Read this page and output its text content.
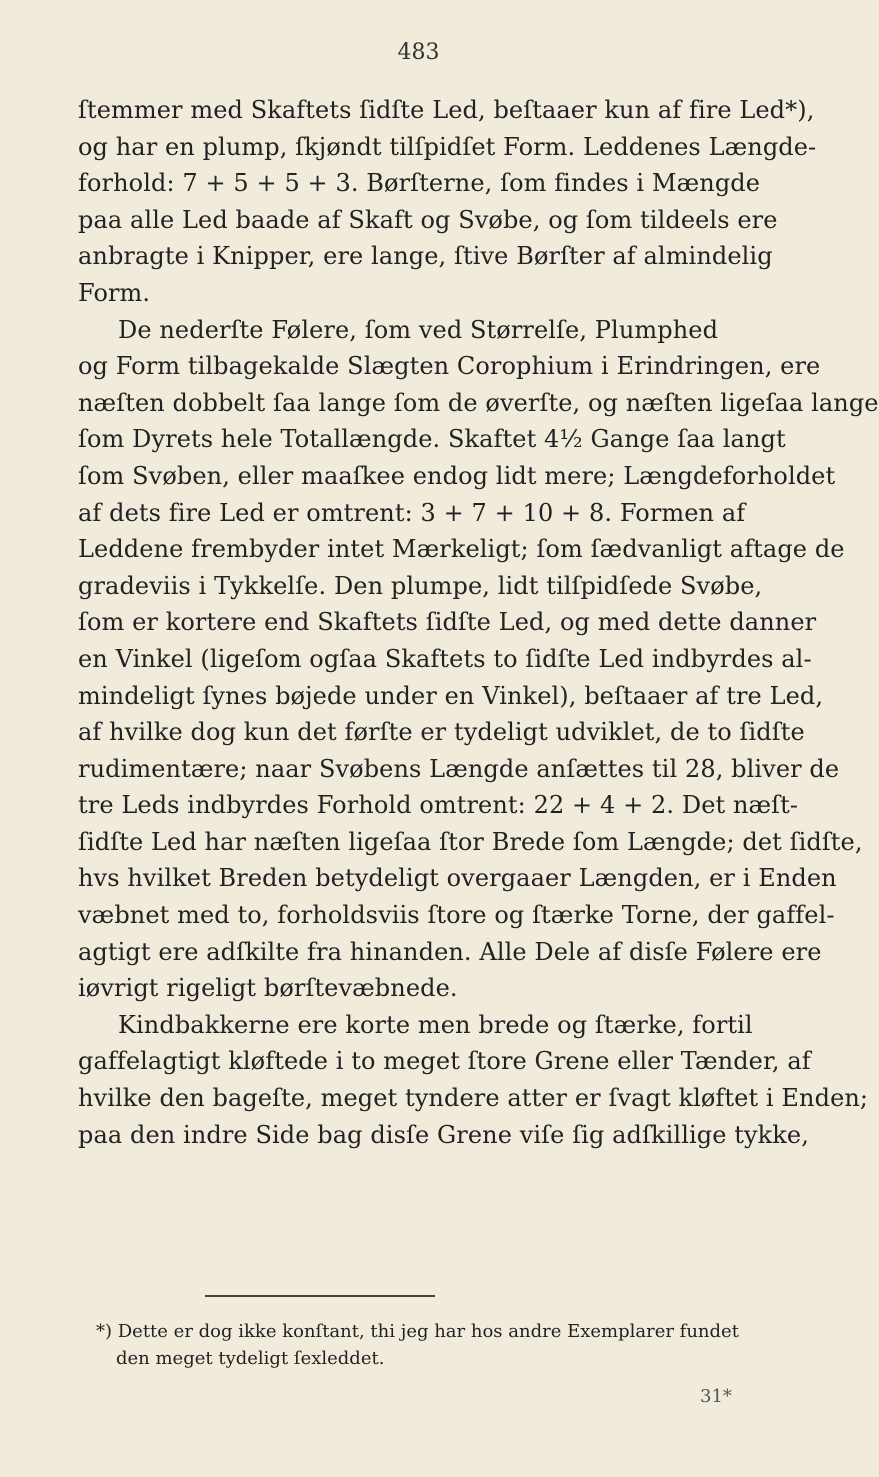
483
ſtemmer med Skaftets ſidſte Led, beſtaaer kun af fire Led*),
og har en plump, ſkjøndt tilſpidſet Form. Leddenes Længde-
forhold: 7 + 5 + 5 + 3. Børſterne, ſom findes i Mængde
paa alle Led baade af Skaft og Svøbe, og ſom tildeels ere
anbragte i Knipper, ere lange, ſtive Børſter af almindelig
Form.
De nederſte Følere, ſom ved Størrelſe, Plumphed
og Form tilbagekalde Slægten Corophium i Erindringen, ere
næſten dobbelt ſaa lange ſom de øverſte, og næſten ligeſaa lange
ſom Dyrets hele Totallængde. Skaftet 4½ Gange ſaa langt
ſom Svøben, eller maaſkee endog lidt mere; Længdeforholdet
af dets fire Led er omtrent: 3 + 7 + 10 + 8. Formen af
Leddene frembyder intet Mærkeligt; ſom ſædvanligt aftage de
gradeviis i Tykkelſe. Den plumpe, lidt tilſpidſede Svøbe,
ſom er kortere end Skaftets ſidſte Led, og med dette danner
en Vinkel (ligeſom ogſaa Skaftets to ſidſte Led indbyrdes al-
mindeligt ſynes bøjede under en Vinkel), beſtaaer af tre Led,
af hvilke dog kun det førſte er tydeligt udviklet, de to ſidſte
rudimentære; naar Svøbens Længde anſættes til 28, bliver de
tre Leds indbyrdes Forhold omtrent: 22 + 4 + 2. Det næſt-
ſidſte Led har næſten ligeſaa ſtor Brede ſom Længde; det ſidſte,
hvs hvilket Breden betydeligt overgaaer Længden, er i Enden
væbnet med to, forholdsviis ſtore og ſtærke Torne, der gaffel-
agtigt ere adſkilte fra hinanden. Alle Dele af disſe Følere ere
iøvrigt rigeligt børſtevæbnede.
Kindbakkerne ere korte men brede og ſtærke, fortil
gaffelagtigt kløftede i to meget ſtore Grene eller Tænder, af
hvilke den bageſte, meget tyndere atter er ſvagt kløftet i Enden;
paa den indre Side bag disſe Grene viſe ſig adſkillige tykke,
*) Dette er dog ikke konſtant, thi jeg har hos andre Exemplarer fundet
den meget tydeligt ſexleddet.
31*
